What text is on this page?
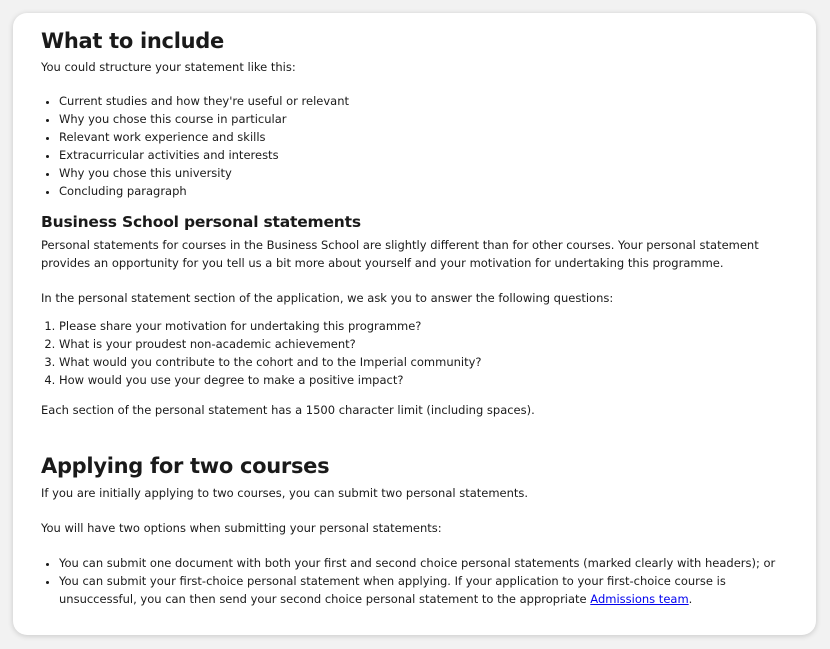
What to include

You could structure your statement like this:

• Current studies and how they're useful or relevant
• Why you chose this course in particular
• Relevant work experience and skills
• Extracurricular activities and interests
• Why you chose this university
• Concluding paragraph
Business School personal statements

Personal statements for courses in the Business School are slightly different than for other courses. Your personal statement provides an opportunity for you tell us a bit more about yourself and your motivation for undertaking this programme.

In the personal statement section of the application, we ask you to answer the following questions:

1. Please share your motivation for undertaking this programme?
2. What is your proudest non-academic achievement?
3. What would you contribute to the cohort and to the Imperial community?
4. How would you use your degree to make a positive impact?

Each section of the personal statement has a 1500 character limit (including spaces).

Applying for two courses

If you are initially applying to two courses, you can submit two personal statements.

You will have two options when submitting your personal statements:

• You can submit one document with both your first and second choice personal statements (marked clearly with headers); or
• You can submit your first-choice personal statement when applying. If your application to your first-choice course is unsuccessful, you can then send your second choice personal statement to the appropriate Admissions team.
